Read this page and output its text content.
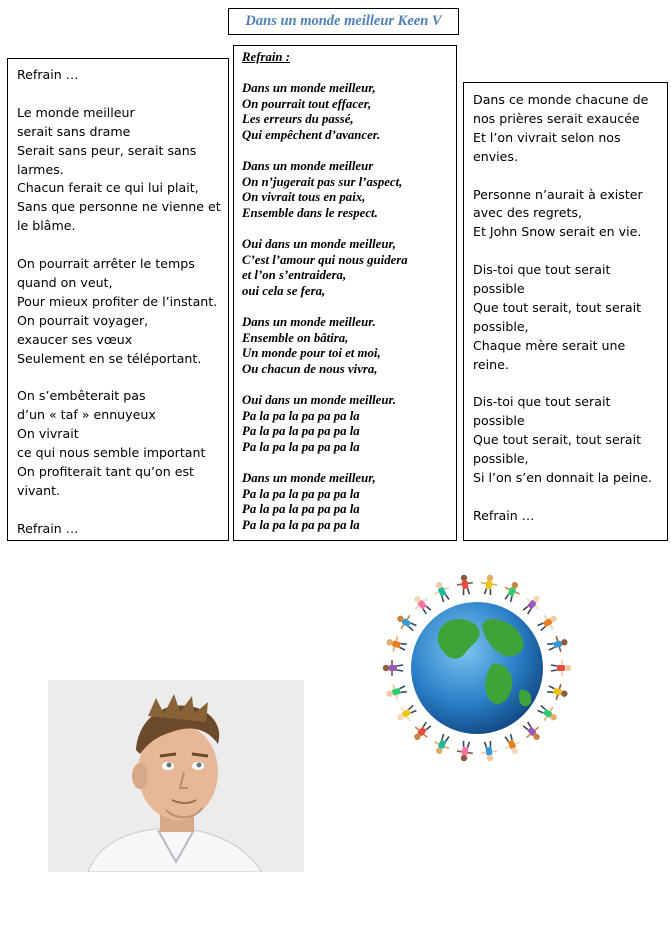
Dans un monde meilleur Keen V
Refrain …
Le monde meilleur
serait sans drame
Serait sans peur, serait sans
larmes.
Chacun ferait ce qui lui plait,
Sans que personne ne vienne et
le blâme.
On pourrait arrêter le temps
quand on veut,
Pour mieux profiter de l’instant.
On pourrait voyager,
exaucer ses vœux
Seulement en se téléportant.
On s’embêterait pas
d’un « taf » ennuyeux
On vivrait
ce qui nous semble important
On profiterait tant qu’on est
vivant.
Refrain …
Refrain :
Dans un monde meilleur,
On pourrait tout effacer,
Les erreurs du passé,
Qui empêchent d’avancer.
Dans un monde meilleur
On n’jugerait pas sur l’aspect,
On vivrait tous en paix,
Ensemble dans le respect.
Oui dans un monde meilleur,
C’est l’amour qui nous guidera
et l’on s’entraidera,
oui cela se fera,
Dans un monde meilleur.
Ensemble on bâtira,
Un monde pour toi et moi,
Ou chacun de nous vivra,
Oui dans un monde meilleur.
Pa la pa la pa pa pa la
Pa la pa la pa pa pa la
Pa la pa la pa pa pa la
Dans un monde meilleur,
Pa la pa la pa pa pa la
Pa la pa la pa pa pa la
Pa la pa la pa pa pa la
Dans ce monde chacune de
nos prières serait exaucée
Et l’on vivrait selon nos
envies.
Personne n’aurait à exister
avec des regrets,
Et John Snow serait en vie.
Dis-toi que tout serait
possible
Que tout serait, tout serait
possible,
Chaque mère serait une
reine.
Dis-toi que tout serait
possible
Que tout serait, tout serait
possible,
Si l’on s’en donnait la peine.
Refrain …
